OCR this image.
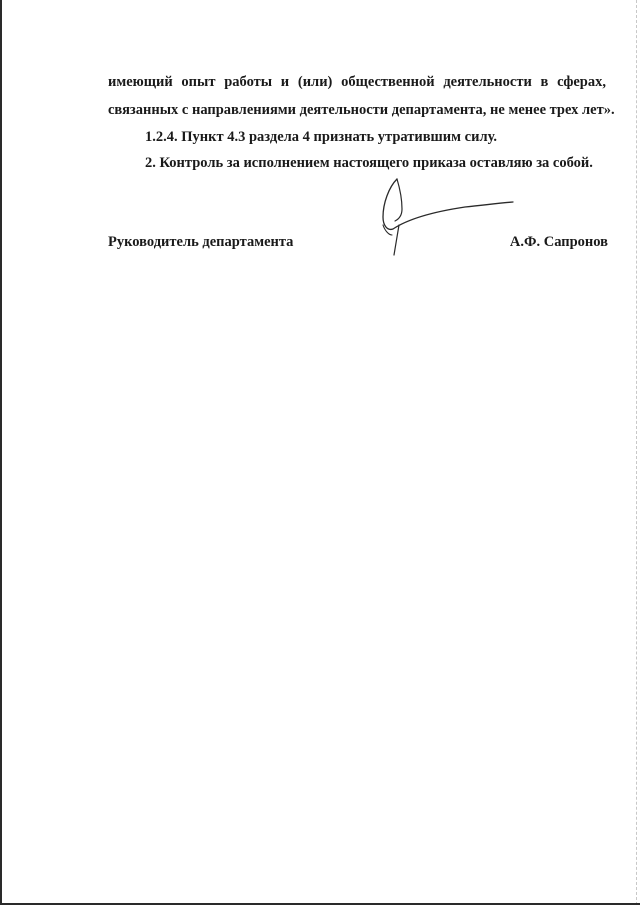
имеющий опыт работы и (или) общественной деятельности в сферах,
связанных с направлениями деятельности департамента, не менее трех лет».
1.2.4. Пункт 4.3 раздела 4 признать утратившим силу.
2. Контроль за исполнением настоящего приказа оставляю за собой.
Руководитель департамента	А.Ф. Сапронов
